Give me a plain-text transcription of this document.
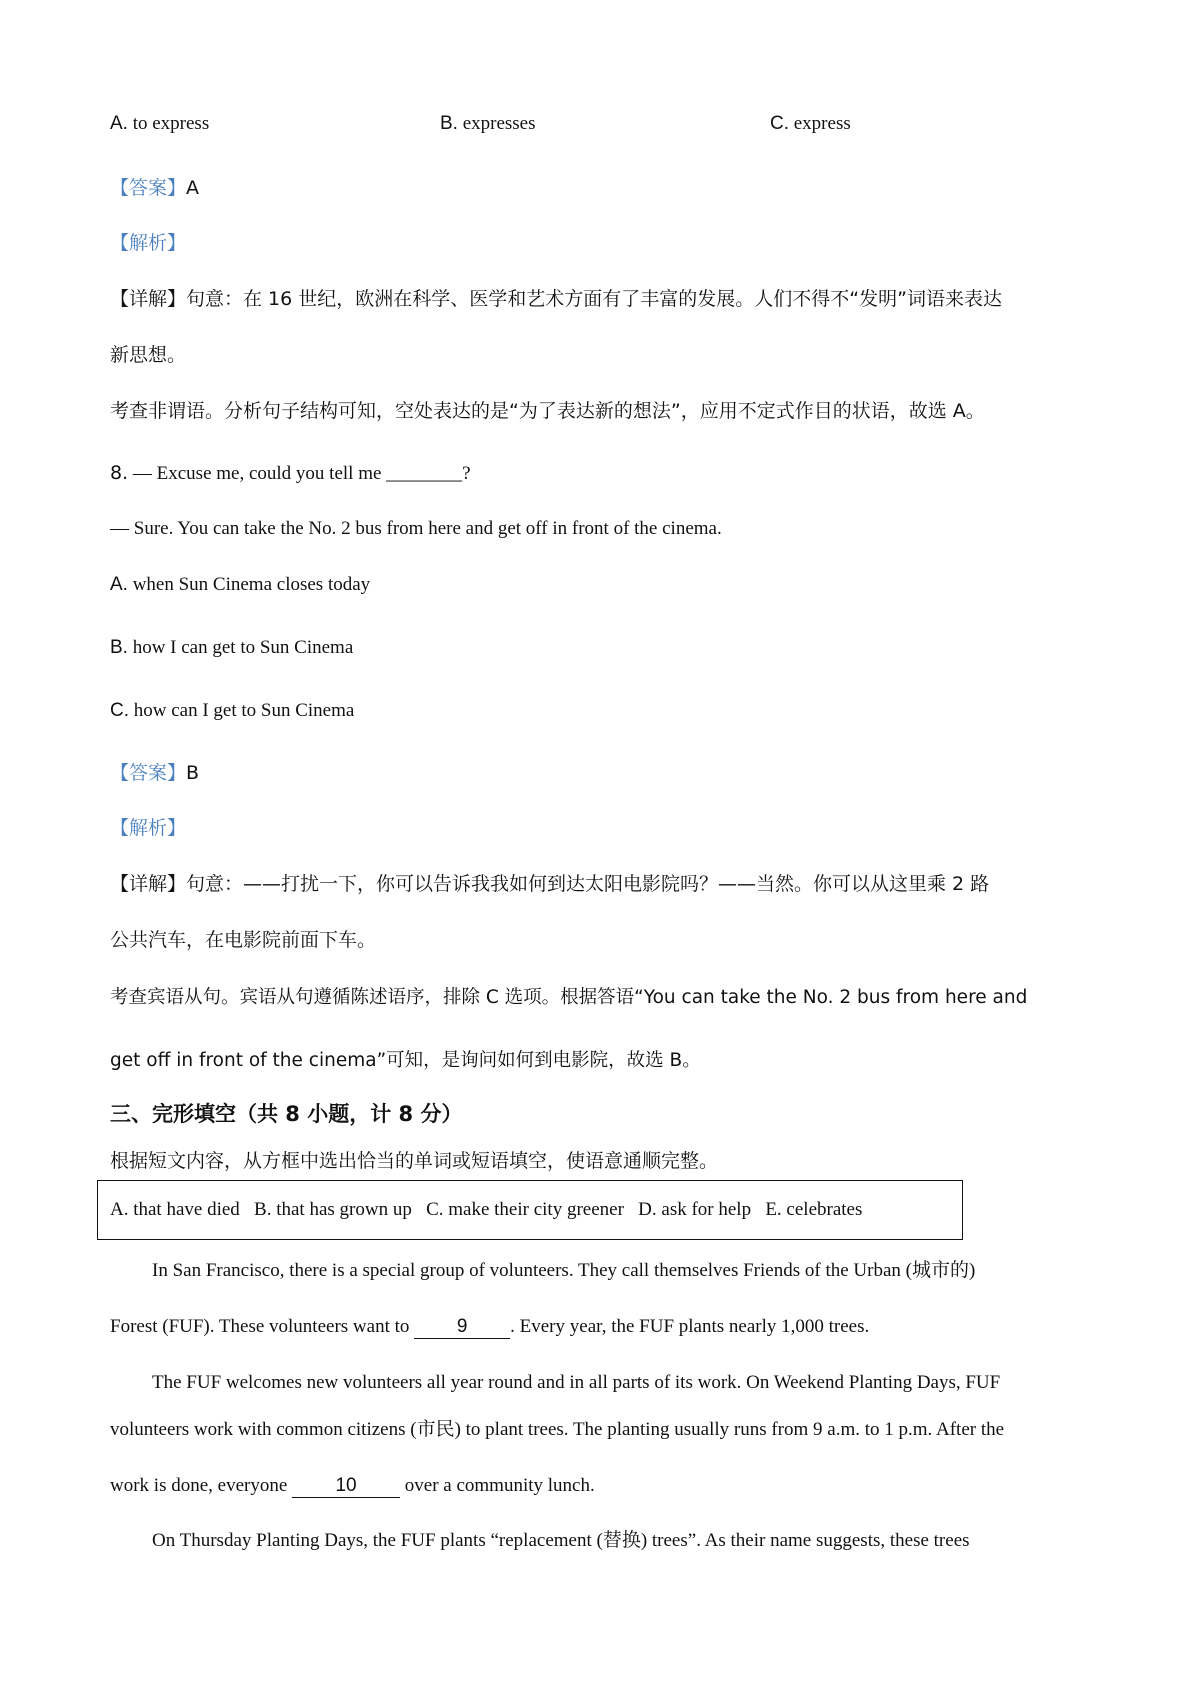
A. to express	B. expresses	C. express
【答案】A
【解析】
【详解】句意：在 16 世纪，欧洲在科学、医学和艺术方面有了丰富的发展。人们不得不“发明”词语来表达
新思想。
考查非谓语。分析句子结构可知，空处表达的是“为了表达新的想法”，应用不定式作目的状语，故选 A。
8. — Excuse me, could you tell me ________?
— Sure. You can take the No. 2 bus from here and get off in front of the cinema.
A. when Sun Cinema closes today
B. how I can get to Sun Cinema
C. how can I get to Sun Cinema
【答案】B
【解析】
【详解】句意：——打扰一下，你可以告诉我我如何到达太阳电影院吗？——当然。你可以从这里乘 2 路
公共汽车，在电影院前面下车。
考查宾语从句。宾语从句遵循陈述语序，排除 C 选项。根据答语“You can take the No. 2 bus from here and
get off in front of the cinema”可知，是询问如何到电影院，故选 B。
三、完形填空（共 8 小题，计 8 分）
根据短文内容，从方框中选出恰当的单词或短语填空，使语意通顺完整。
A. that have died   B. that has grown up   C. make their city greener   D. ask for help   E. celebrates
In San Francisco, there is a special group of volunteers. They call themselves Friends of the Urban (城市的)
Forest (FUF). These volunteers want to 9 . Every year, the FUF plants nearly 1,000 trees.
The FUF welcomes new volunteers all year round and in all parts of its work. On Weekend Planting Days, FUF
volunteers work with common citizens (市民) to plant trees. The planting usually runs from 9 a.m. to 1 p.m. After the
work is done, everyone 10 over a community lunch.
On Thursday Planting Days, the FUF plants “replacement (替换) trees”. As their name suggests, these trees
